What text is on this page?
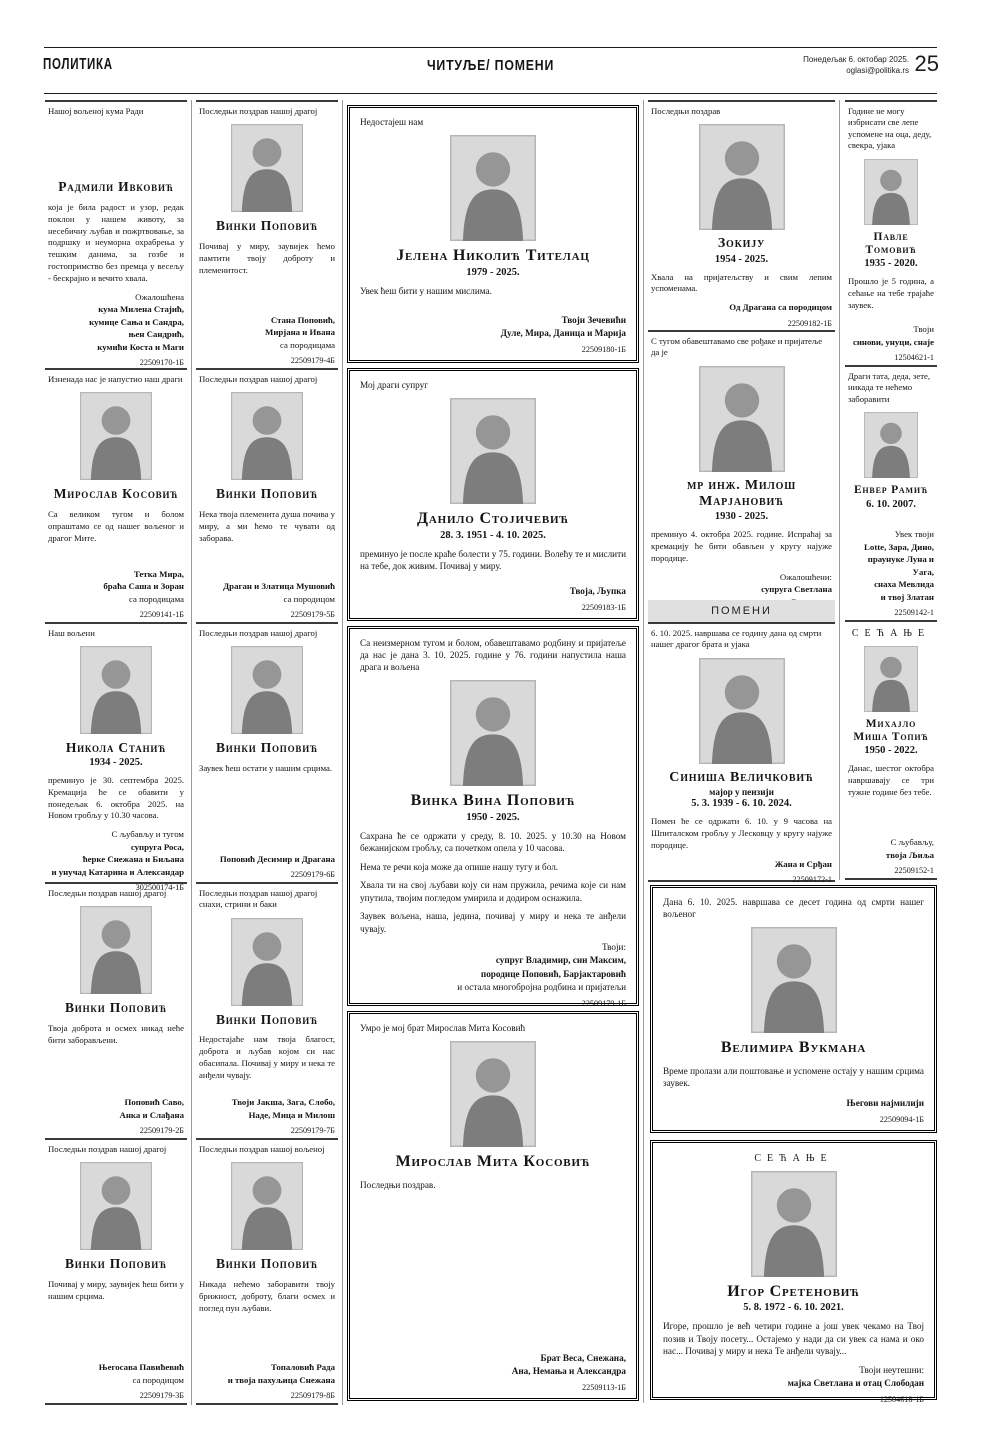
ПОЛИТИКА	ЧИТУЉЕ/ ПОМЕНИ	Понедељак 6. октобар 2025.
oglasi@politika.rs 25
Нашој вољеној кума Ради
Радмили Ивковић

која је била радост и узор, редак поклон у нашем животу, за несебичну љубав и пожртвовање, за подршку и неуморна охрабрења у тешким данима, за гозбе и гостопримство без премца у весељу - бескрајно и вечито хвала.

Ожалошћена
кума Милена Стајић,
кумице Сања и Сандра,
њен Сандрић,
кумићи Коста и Маги
22509170-1Б
Изненада нас је напустио наш драги
Мирослав Косовић

Са великом тугом и болом опраштамо се од нашег вољеног и драгог Мите.

Тетка Мира,
браћа Саша и Зоран
са породицама
22509141-1Б
Наш вољени
Никола Станић
1934 - 2025.

преминуо је 30. септембра 2025. Кремација ће се обавити у понедељак 6. октобра 2025. на Новом гробљу у 10.30 часова.

С љубављу и тугом
супруга Роса,
ћерке Снежана и Биљана
и унучад Катарина и Александар
302500174-1Б
Последњи поздрав нашој драгој
Винки Поповић

Твоја доброта и осмех никад неће бити заборављени.

Поповић Саво,
Анка и Слађана
22509179-2Б
Последњи поздрав нашој драгој
Винки Поповић

Почивај у миру, заувијек ћеш бити у нашим срцима.

Његосава Павићевић
са породицом
22509179-3Б
Последњи поздрав нашој драгој
Винки Поповић

Почивај у миру, заувијек ћемо памтити твоју доброту и племенитост.

Стана Поповић,
Мирјана и Ивана
са породицама
22509179-4Б
Последњи поздрав нашој драгој
Винки Поповић

Нека твоја племенита душа почива у миру, а ми ћемо те чувати од заборава.

Драган и Златица Мушовић
са породицом
22509179-5Б
Последњи поздрав нашој драгој
Винки Поповић

Заувек ћеш остати у нашим срцима.

Поповић Десимир и Драгана
22509179-6Б
Последњи поздрав нашој драгој снахи, стрини и баки
Винки Поповић

Недостајаће нам твоја благост, доброта и љубав којом си нас обасипала. Почивај у миру и нека те анђели чувају.

Твоји Јакша, Зага, Слобо,
Наде, Мица и Милош
22509179-7Б
Последњи поздрав нашој вољеној
Винки Поповић

Никада нећемо заборавити твоју брижност, доброту, благи осмех и поглед пун љубави.

Топаловић Рада
и твоја пахуљица Снежана
22509179-8Б
Недостајеш нам
Јелена Николић Тителац
1979 - 2025.

Увек ћеш бити у нашим мислима.

Твоји Зечевићи
Дуле, Мира, Даница и Марија
22509180-1Б
Мој драги супруг
Данило Стојичевић
28. 3. 1951 - 4. 10. 2025.

преминуо је после краће болести у 75. години. Волећу те и мислити на тебе, док живим. Почивај у миру.

Твоја, Љупка
22509183-1Б
Са неизмерном тугом и болом, обавештавамо родбину и пријатеље да нас је дана 3. 10. 2025. године у 76. години напустила наша драга и вољена
Винка Вина Поповић
1950 - 2025.

Сахрана ће се одржати у среду, 8. 10. 2025. у 10.30 на Новом бежанијском гробљу, са почетком опела у 10 часова.

Нема те речи која може да опише нашу тугу и бол.

Хвала ти на свој љубави коју си нам пружила, речима које си нам упутила, твојим погледом умирила и додиром оснажила.

Заувек вољена, наша, једина, почивај у миру и нека те анђели чувају.

Твоји:
супруг Владимир, син Максим,
породице Поповић, Барјактаровић
и остала многобројна родбина и пријатељи
22509179-1Б
Умро је мој брат Мирослав Мита Косовић
Мирослав Мита Косовић

Последњи поздрав.

Брат Веса, Снежана,
Ана, Немања и Александра
22509113-1Б
Последњи поздрав
Зокију
1954 - 2025.

Хвала на пријатељству и свим лепим успоменама.

Од Драгана са породицом
22509182-1Б
С тугом обавештавамо све рођаке и пријатеље да је
мр инж. Милош Марјановић
1930 - 2025.

преминуо 4. октобра 2025. године. Испраћај за кремацију ће бити обављен у кругу најуже породице.

Ожалошћени:
супруга Светлана
ПОМЕНИ
6. 10. 2025. навршава се годину дана од смрти нашег драгог брата и ујака
Синиша Величковић
мајор у пензији
5. 3. 1939 - 6. 10. 2024.

Помен ће се одржати 6. 10. у 9 часова на Шпиталском гробљу у Лесковцу у кругу најуже породице.

Жана и Срђан
22509172-1
Године не могу избрисати све лепе успомене на оца, деду, свекра, ујака
Павле Томовић
1935 - 2020.

Прошло је 5 година, а сећање на тебе трајаће заувек.

Твоји
синови, унуци, снаје
12504621-1
Драги тата, деда, зете, никада те нећемо заборавити
Енвер Рамић
6. 10. 2007.
Увек твоји
Lotte, Зара, Дино,
праунуке Луна и Уага,
снаха Мевлида
и твој Златан
22509142-1
СЕЋАЊЕ
Михајло Миша Топић
1950 - 2022.

Данас, шестог октобра навршавају се три тужне године без тебе.

С љубављу,
твоја Љиља
22509152-1
Дана 6. 10. 2025. навршава се десет година од смрти нашег вољеног
Велимира Вукмана

Време пролази али поштовање и успомене остају у нашим срцима заувек.

Његови најмилији
22509094-1Б
СЕЋАЊЕ
Игор Сретеновић
5. 8. 1972 - 6. 10. 2021.

Игоре, прошло је већ четири године а још увек чекамо на Твој позив и Твоју посету... Остајемо у нади да си увек са нама и око нас... Почивај у миру и нека Те анђели чувају...

Твоји неутешни:
мајка Светлана и отац Слободан
12504618-1Б
